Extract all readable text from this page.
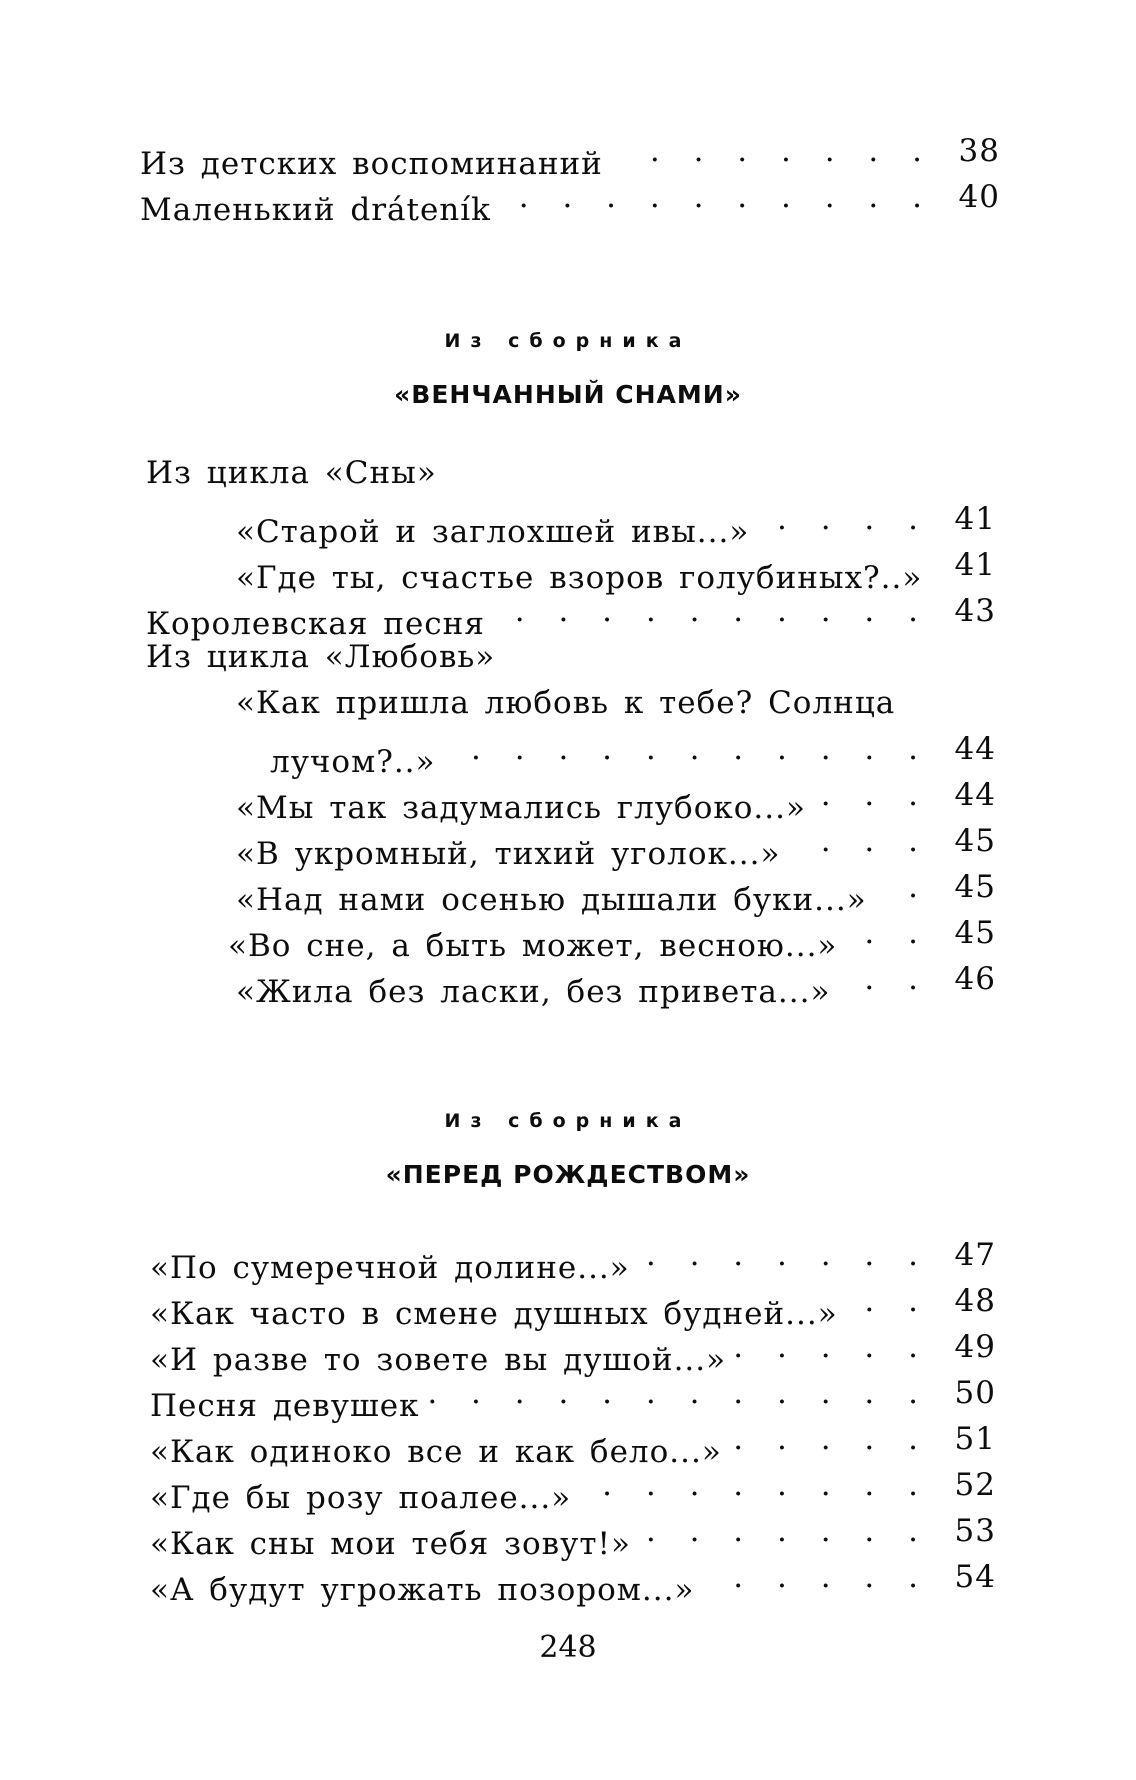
Из детских воспоминаний . . .	38
Маленький dráteník . . .	40
Из сборника
«ВЕНЧАННЫЙ СНАМИ»
Из цикла «Сны»
«Старой и заглохшей ивы...» . . .	41
«Где ты, счастье взоров голубиных?..» 41
Королевская песня . . .	43
Из цикла «Любовь»
«Как пришла любовь к тебе? Солнца
лучом?..» . . .	44
«Мы так задумались глубоко...» . . .	44
«В укромный, тихий уголок...» . . .	45
«Над нами осенью дышали буки...» . . .	45
«Во сне, а быть может, весною...» . . .	45
«Жила без ласки, без привета...» . . .	46
Из сборника
«ПЕРЕД РОЖДЕСТВОМ»
«По сумеречной долине...» . . .	47
«Как часто в смене душных будней...» . . .	48
«И разве то зовете вы душой...» . . .	49
Песня девушек . . .	50
«Как одиноко все и как бело...» . . .	51
«Где бы розу поалее...» . . .	52
«Как сны мои тебя зовут!» . . .	53
«А будут угрожать позором...» . . .	54
248
